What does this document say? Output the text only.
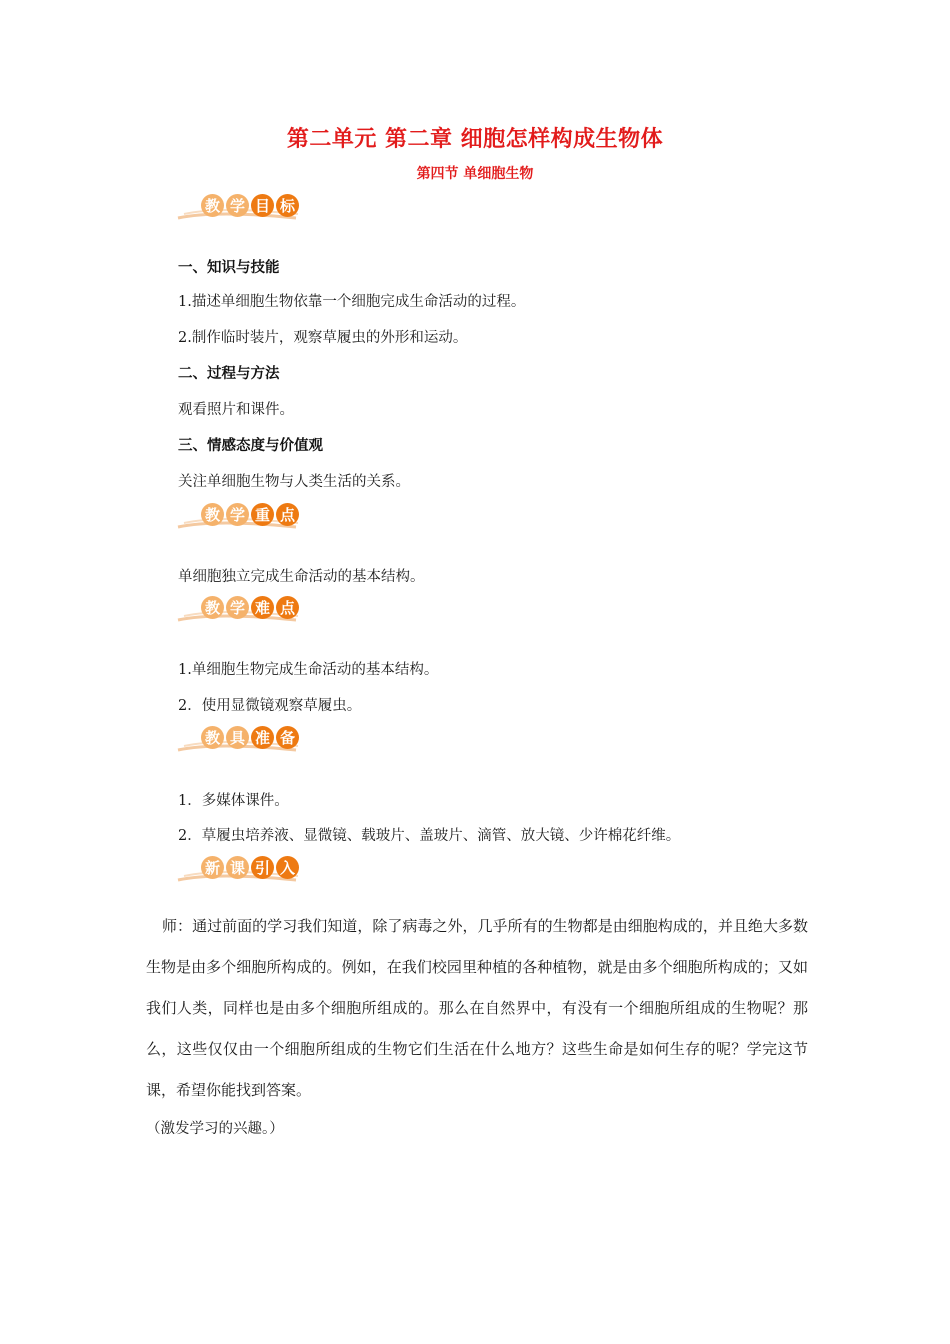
第二单元 第二章 细胞怎样构成生物体
第四节 单细胞生物
教 学 目 标
一、知识与技能
1.描述单细胞生物依靠一个细胞完成生命活动的过程。
2.制作临时装片，观察草履虫的外形和运动。
二、过程与方法
观看照片和课件。
三、情感态度与价值观
关注单细胞生物与人类生活的关系。
教 学 重 点
单细胞独立完成生命活动的基本结构。
教 学 难 点
1.单细胞生物完成生命活动的基本结构。
2．使用显微镜观察草履虫。
教 具 准 备
1．多媒体课件。
2．草履虫培养液、显微镜、载玻片、盖玻片、滴管、放大镜、少许棉花纤维。
新 课 引 入
师：通过前面的学习我们知道，除了病毒之外，几乎所有的生物都是由细胞构成的，并且绝大多数生物是由多个细胞所构成的。例如，在我们校园里种植的各种植物，就是由多个细胞所构成的；又如我们人类，同样也是由多个细胞所组成的。那么在自然界中，有没有一个细胞所组成的生物呢？那么，这些仅仅由一个细胞所组成的生物它们生活在什么地方？这些生命是如何生存的呢？学完这节课，希望你能找到答案。
（激发学习的兴趣。）
